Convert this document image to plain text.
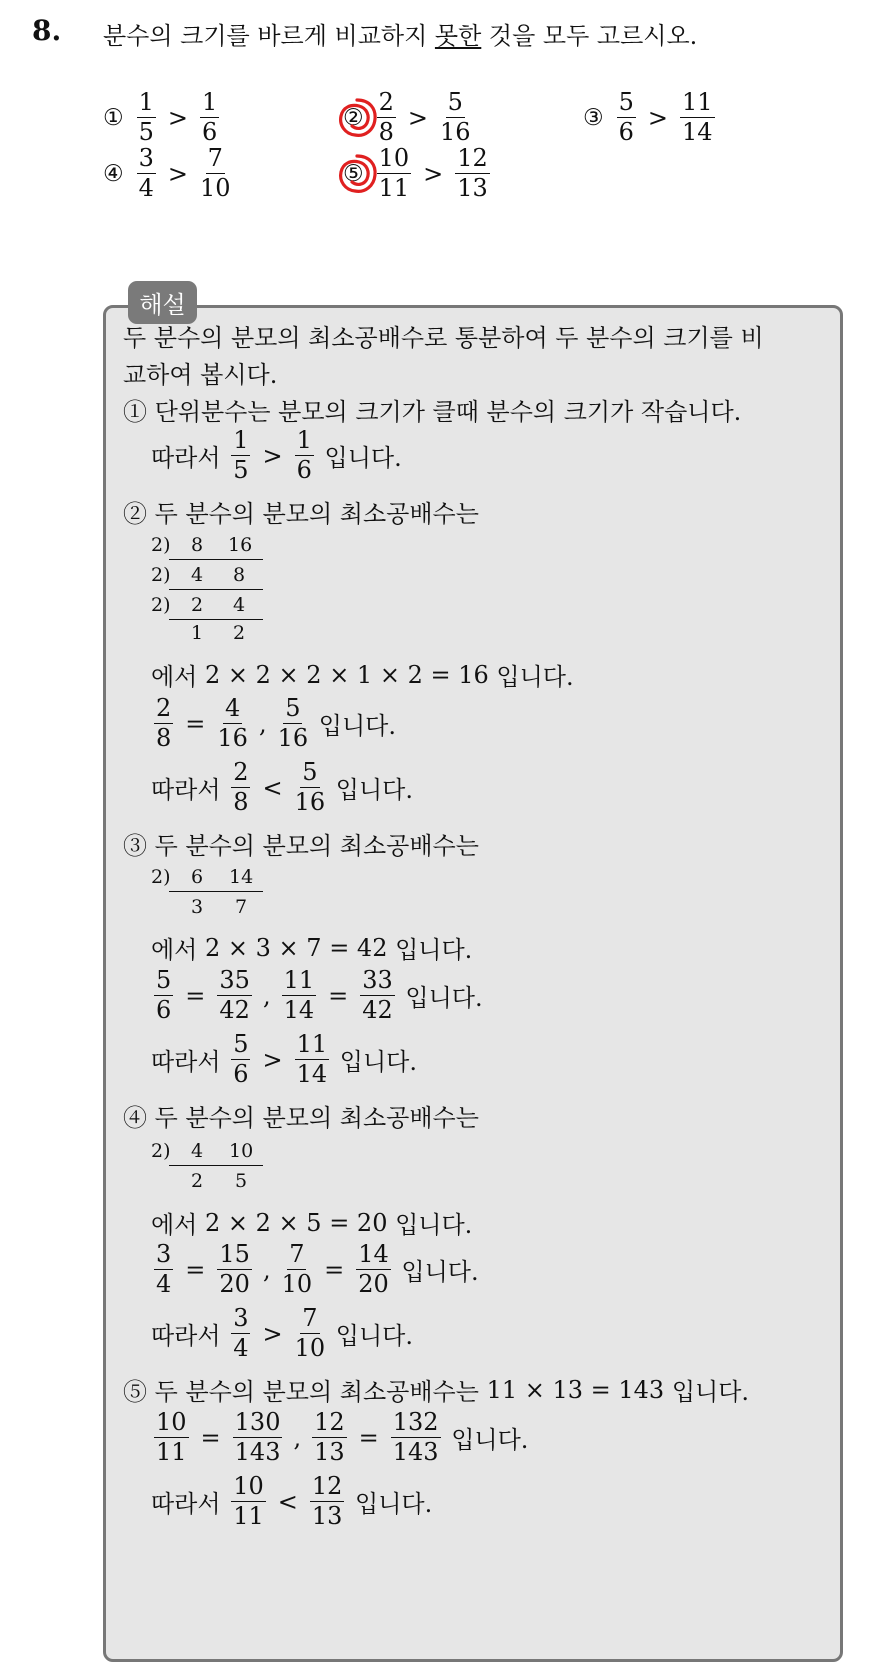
8. 분수의 크기를 바르게 비교하지 못한 것을 모두 고르시오.
① $\frac{1}{5} > \frac{1}{6}$	② $\frac{2}{8} > \frac{5}{16}$	③ $\frac{5}{6} > \frac{11}{14}$
④ $\frac{3}{4} > \frac{7}{10}$	⑤ $\frac{10}{11} > \frac{12}{13}$
해설
두 분수의 분모의 최소공배수로 통분하여 두 분수의 크기를 비
교하여 봅시다.
① 단위분수는 분모의 크기가 클때 분수의 크기가 작습니다.
따라서
$\frac{1}{5} > \frac{1}{6}$
입니다.
② 두 분수의 분모의 최소공배수는
2) 8 16
2) 4 8
2) 2 4
1 2
에서
2 × 2 × 2 × 1 × 2 = 16
입니다.
$\frac{2}{8} = \frac{4}{16}$ , $\frac{5}{16}$
입니다.
따라서
$\frac{2}{8} < \frac{5}{16}$
입니다.
③ 두 분수의 분모의 최소공배수는
2) 6 14
3 7
에서
2 × 3 × 7 = 42
입니다.
$\frac{5}{6} = \frac{35}{42}$ , $\frac{11}{14} = \frac{33}{42}$
입니다.
따라서
$\frac{5}{6} > \frac{11}{14}$
입니다.
④ 두 분수의 분모의 최소공배수는
2) 4 10
2 5
에서
2 × 2 × 5 = 20
입니다.
$\frac{3}{4} = \frac{15}{20}$ , $\frac{7}{10} = \frac{14}{20}$
입니다.
따라서
$\frac{3}{4} > \frac{7}{10}$
입니다.
⑤ 두 분수의 분모의 최소공배수는
11 × 13 = 143
입니다.
$\frac{10}{11} = \frac{130}{143}$ , $\frac{12}{13} = \frac{132}{143}$
입니다.
따라서
$\frac{10}{11} < \frac{12}{13}$
입니다.
